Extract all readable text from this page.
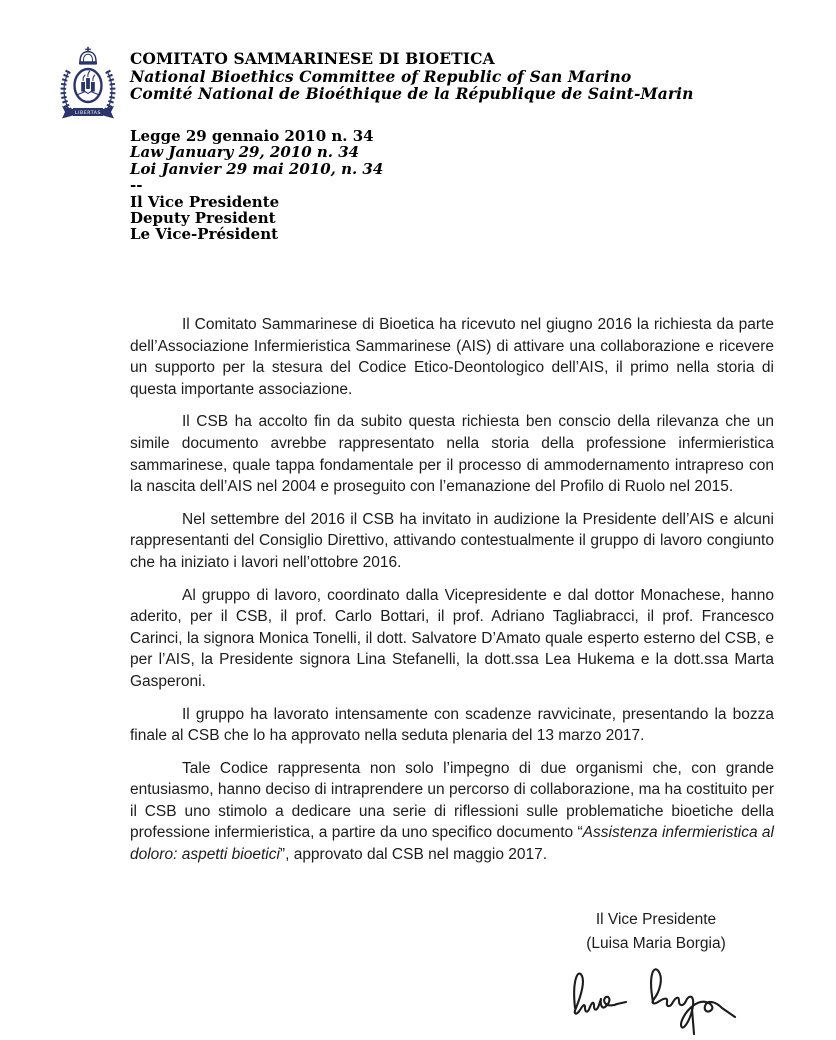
LIBERTAS
COMITATO SAMMARINESE DI BIOETICA
National Bioethics Committee of Republic of San Marino
Comité National de Bioéthique de la République de Saint-Marin
Legge 29 gennaio 2010 n. 34
Law January 29, 2010 n. 34
Loi Janvier 29 mai 2010, n. 34
--
Il Vice Presidente
Deputy President
Le Vice-Président

Il Comitato Sammarinese di Bioetica ha ricevuto nel giugno 2016 la richiesta da parte dell’Associazione Infermieristica Sammarinese (AIS) di attivare una collaborazione e ricevere un supporto per la stesura del Codice Etico-Deontologico dell’AIS, il primo nella storia di questa importante associazione.

Il CSB ha accolto fin da subito questa richiesta ben conscio della rilevanza che un simile documento avrebbe rappresentato nella storia della professione infermieristica sammarinese, quale tappa fondamentale per il processo di ammodernamento intrapreso con la nascita dell’AIS nel 2004 e proseguito con l’emanazione del Profilo di Ruolo nel 2015.

Nel settembre del 2016 il CSB ha invitato in audizione la Presidente dell’AIS e alcuni rappresentanti del Consiglio Direttivo, attivando contestualmente il gruppo di lavoro congiunto che ha iniziato i lavori nell’ottobre 2016.

Al gruppo di lavoro, coordinato dalla Vicepresidente e dal dottor Monachese, hanno aderito, per il CSB, il prof. Carlo Bottari, il prof. Adriano Tagliabracci, il prof. Francesco Carinci, la signora Monica Tonelli, il dott. Salvatore D’Amato quale esperto esterno del CSB, e per l’AIS, la Presidente signora Lina Stefanelli, la dott.ssa Lea Hukema e la dott.ssa Marta Gasperoni.

Il gruppo ha lavorato intensamente con scadenze ravvicinate, presentando la bozza finale al CSB che lo ha approvato nella seduta plenaria del 13 marzo 2017.

Tale Codice rappresenta non solo l’impegno di due organismi che, con grande entusiasmo, hanno deciso di intraprendere un percorso di collaborazione, ma ha costituito per il CSB uno stimolo a dedicare una serie di riflessioni sulle problematiche bioetiche della professione infermieristica, a partire da uno specifico documento “Assistenza infermieristica al doloro: aspetti bioetici”, approvato dal CSB nel maggio 2017.

Il Vice Presidente
(Luisa Maria Borgia)
